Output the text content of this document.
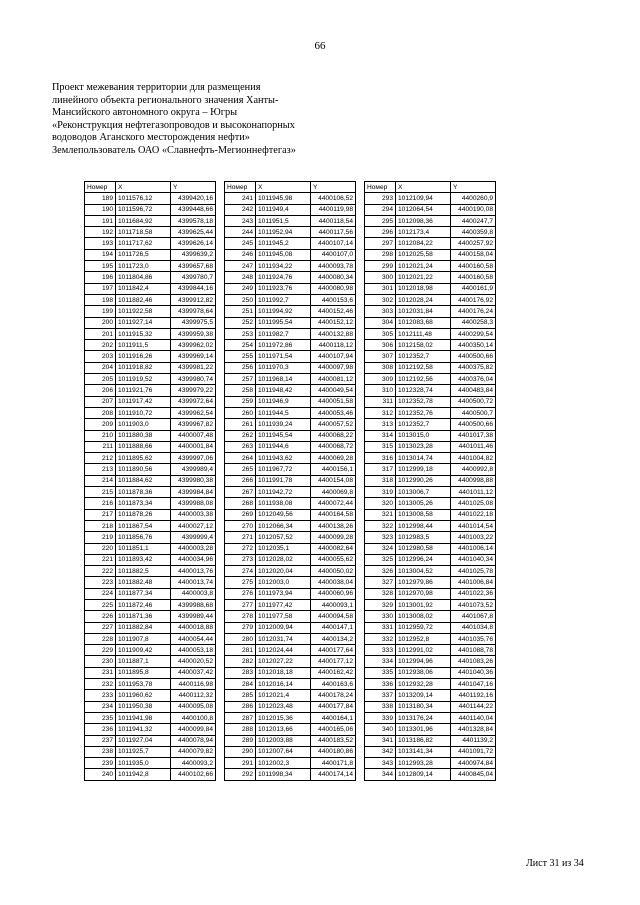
66
Проект межевания территории для размещения
линейного объекта регионального значения Ханты-
Мансийского автономного округа – Югры
«Реконструкция нефтегазопроводов и высоконапорных
водоводов Аганского месторождения нефти»
Землепользователь ОАО «Славнефть-Мегионнефтегаз»
Номер	X	Y
189	1011576,12	4399420,16
190	1011596,72	4399448,66
191	1011684,92	4399578,18
192	1011718,58	4399625,44
193	1011717,62	4399626,14
194	1011726,5	4399639,2
195	1011723,0	4399657,68
196	1011804,86	4399780,7
197	1011842,4	4399844,16
198	1011882,46	4399912,82
199	1011922,58	4399978,64
200	1011927,14	4399975,5
201	1011915,32	4399959,38
202	1011911,5	4399962,02
203	1011916,26	4399969,14
204	1011918,82	4399981,22
205	1011919,52	4399980,74
206	1011921,76	4399979,22
207	1011917,42	4399972,64
208	1011910,72	4399962,54
209	1011903,0	4399967,82
210	1011880,38	4400007,48
211	1011888,66	4400001,84
212	1011895,62	4399997,06
213	1011890,56	4399989,4
214	1011884,62	4399980,38
215	1011878,36	4399984,84
216	1011873,34	4399988,08
217	1011878,26	4400003,38
218	1011867,54	4400027,12
219	1011856,76	4399999,4
220	1011851,1	4400003,28
221	1011893,42	4400034,96
222	1011882,5	4400013,76
223	1011882,48	4400013,74
224	1011877,34	4400003,8
225	1011872,46	4399988,68
226	1011871,36	4399989,44
227	1011882,84	4400018,88
228	1011907,8	4400054,44
229	1011909,42	4400053,18
230	1011887,1	4400020,52
231	1011895,8	4400037,42
232	1011953,78	4400116,98
233	1011960,62	4400112,32
234	1011950,38	4400095,08
235	1011941,98	4400100,8
236	1011941,32	4400099,84
237	1011927,04	4400078,94
238	1011925,7	4400079,82
239	1011935,0	4400093,2
240	1011942,8	4400102,66
Номер	X	Y
241	1011945,98	4400106,52
242	1011949,4	4400119,98
243	1011951,5	4400118,54
244	1011952,94	4400117,56
245	1011945,2	4400107,14
246	1011945,08	4400107,0
247	1011934,22	4400093,78
248	1011924,76	4400080,34
249	1011923,76	4400080,98
250	1011992,7	4400153,6
251	1011994,92	4400152,46
252	1011995,54	4400152,12
253	1011982,7	4400132,88
254	1011972,86	4400118,12
255	1011971,54	4400107,94
256	1011970,3	4400097,98
257	1011968,14	4400081,12
258	1011948,42	4400049,54
259	1011946,9	4400051,58
260	1011944,5	4400053,46
261	1011939,24	4400057,52
262	1011945,54	4400068,22
263	1011944,6	4400068,72
264	1011943,62	4400069,28
265	1011967,72	4400156,1
266	1011991,78	4400154,08
267	1011942,72	4400069,8
268	1011938,08	4400072,44
269	1012049,56	4400164,58
270	1012066,34	4400138,26
271	1012057,52	4400099,28
272	1012035,1	4400082,64
273	1012028,02	4400055,62
274	1012020,04	4400050,02
275	1012003,0	4400038,04
276	1011973,94	4400060,96
277	1011977,42	4400093,1
278	1011977,58	4400094,58
279	1012009,94	4400147,1
280	1012031,74	4400134,2
281	1012024,44	4400177,64
282	1012027,22	4400177,12
283	1012018,18	4400162,42
284	1012016,14	4400163,6
285	1012021,4	4400178,24
286	1012023,48	4400177,84
287	1012015,36	4400164,1
288	1012013,66	4400165,06
289	1012003,88	4400183,52
290	1012007,64	4400180,86
291	1012002,3	4400171,8
292	1011998,34	4400174,14
Номер	X	Y
293	1012109,94	4400260,9
294	1012064,54	4400190,08
295	1012098,36	4400247,7
296	1012173,4	4400359,8
297	1012084,22	4400257,92
298	1012025,58	4400158,04
299	1012021,24	4400160,58
300	1012021,22	4400160,58
301	1012018,98	4400161,9
302	1012028,24	4400176,92
303	1012031,84	4400176,24
304	1012083,68	4400258,3
305	1012111,48	4400299,54
306	1012158,02	4400350,14
307	1012352,7	4400500,66
308	1012192,58	4400375,82
309	1012192,56	4400376,04
310	1012328,74	4400483,84
311	1012352,78	4400500,72
312	1012352,76	4400500,7
313	1012352,7	4400500,66
314	1013015,0	4401017,38
315	1013023,28	4401011,46
316	1013014,74	4401004,82
317	1012999,18	4400992,8
318	1012990,26	4400998,88
319	1013006,7	4401011,12
320	1013005,26	4401025,08
321	1013008,58	4401022,18
322	1012998,44	4401014,54
323	1012983,5	4401003,22
324	1012980,58	4401006,14
325	1012996,24	4401040,34
326	1013004,52	4401025,78
327	1012979,86	4401006,84
328	1012970,98	4401022,36
329	1013001,92	4401073,52
330	1013008,02	4401067,8
331	1012959,72	4401034,8
332	1012952,8	4401035,76
333	1012991,02	4401088,78
334	1012994,96	4401083,26
335	1012938,06	4401040,36
336	1012932,28	4401047,16
337	1013209,14	4401192,16
338	1013180,34	4401144,22
339	1013176,24	4401140,04
340	1013301,96	4401328,84
341	1013186,82	4401139,2
342	1013141,34	4401091,72
343	1012993,28	4400974,84
344	1012809,14	4400845,04
Лист 31 из 34
